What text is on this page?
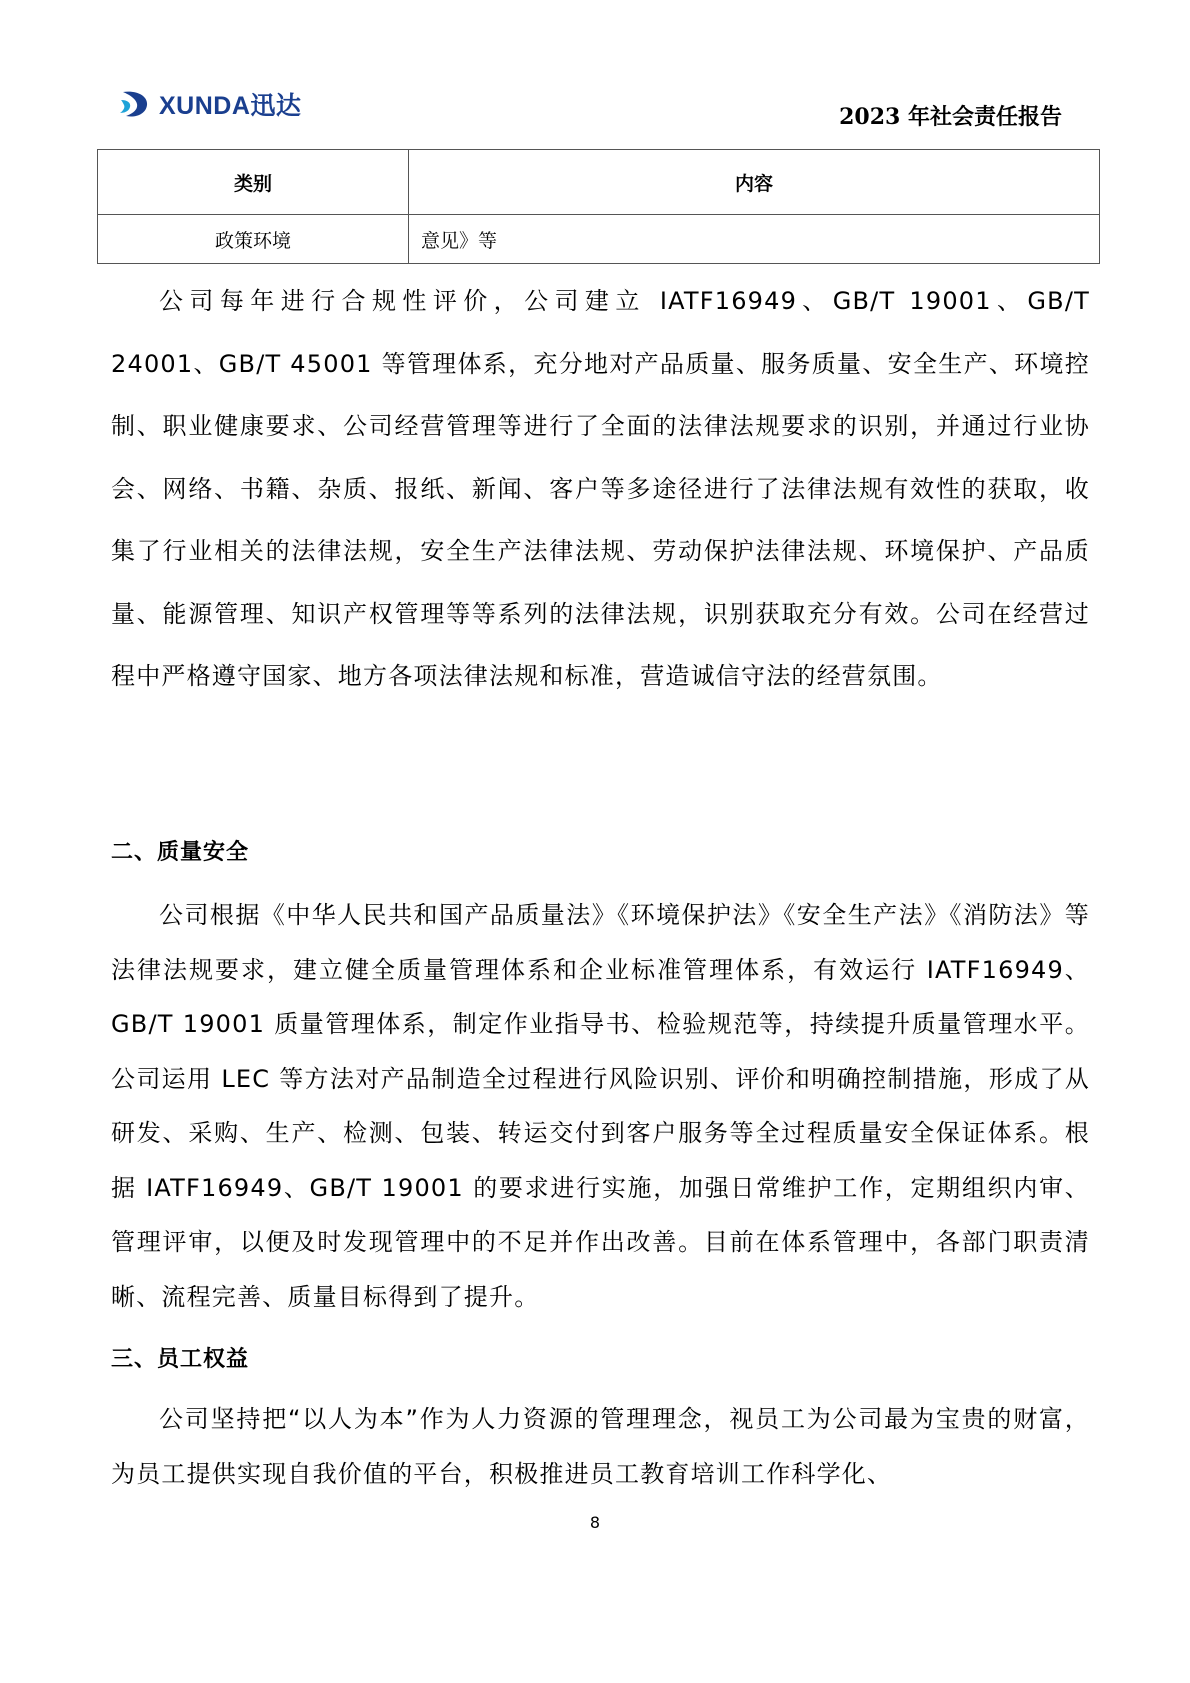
XUNDA迅达	2023 年社会责任报告
类别	内容
政策环境	意见》等

公司每年进行合规性评价，公司建立 IATF16949、GB/T 19001、GB/T 24001、GB/T 45001 等管理体系，充分地对产品质量、服务质量、安全生产、环境控制、职业健康要求、公司经营管理等进行了全面的法律法规要求的识别，并通过行业协会、网络、书籍、杂质、报纸、新闻、客户等多途径进行了法律法规有效性的获取，收集了行业相关的法律法规，安全生产法律法规、劳动保护法律法规、环境保护、产品质量、能源管理、知识产权管理等等系列的法律法规，识别获取充分有效。公司在经营过程中严格遵守国家、地方各项法律法规和标准，营造诚信守法的经营氛围。

二、质量安全

公司根据《中华人民共和国产品质量法》《环境保护法》《安全生产法》《消防法》等法律法规要求，建立健全质量管理体系和企业标准管理体系，有效运行 IATF16949、GB/T 19001 质量管理体系，制定作业指导书、检验规范等，持续提升质量管理水平。公司运用 LEC 等方法对产品制造全过程进行风险识别、评价和明确控制措施，形成了从研发、采购、生产、检测、包装、转运交付到客户服务等全过程质量安全保证体系。根据 IATF16949、GB/T 19001 的要求进行实施，加强日常维护工作，定期组织内审、管理评审，以便及时发现管理中的不足并作出改善。目前在体系管理中，各部门职责清晰、流程完善、质量目标得到了提升。

三、员工权益

公司坚持把“以人为本”作为人力资源的管理理念，视员工为公司最为宝贵的财富，为员工提供实现自我价值的平台，积极推进员工教育培训工作科学化、

8
